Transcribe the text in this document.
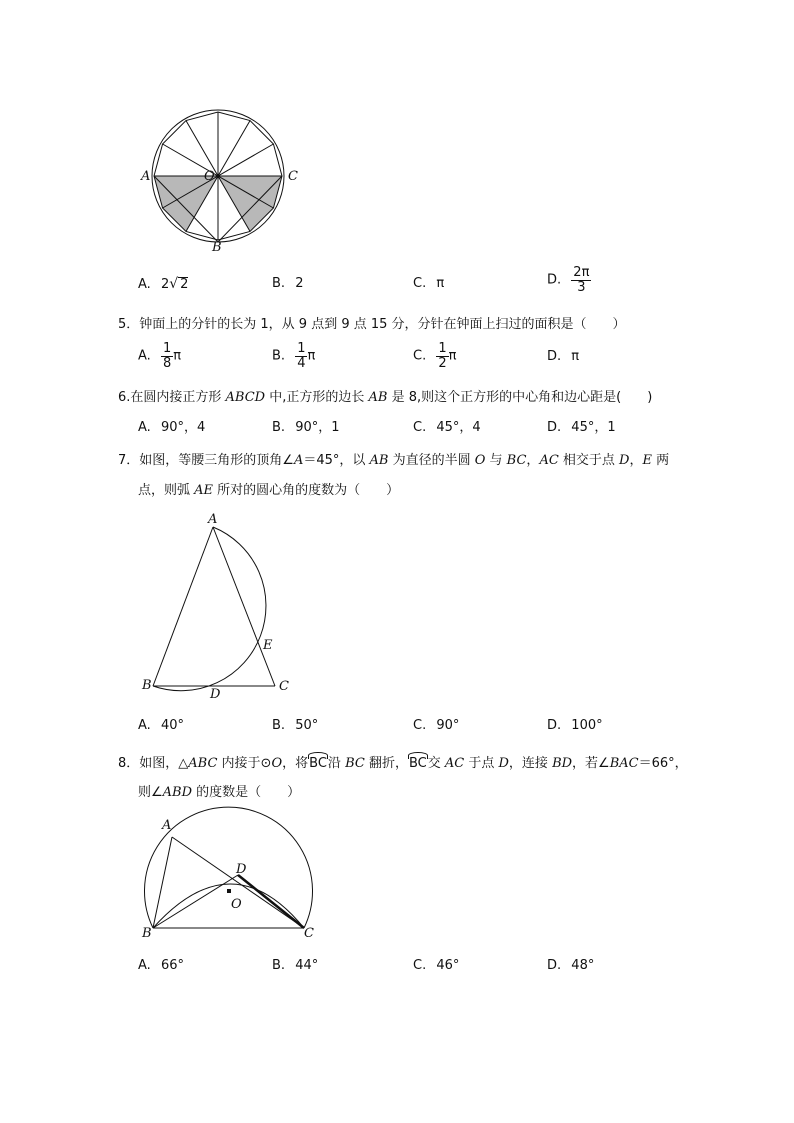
A	O	C
B
A. 2√ 2	B. 2	C. π	D. $\frac{2\pi}{3}$
5．钟面上的分针的长为 1，从 9 点到 9 点 15 分，分针在钟面上扫过的面积是（　　）
A. $\frac{1}{8}$ π	B. $\frac{1}{4}$ π	C. $\frac{1}{2}$ π	D. π
6.在圆内接正方形 ABCD 中,正方形的边长 AB 是 8,则这个正方形的中心角和边心距是(　　)
A. 90°，4	B. 90°，1	C. 45°，4	D. 45°，1
7．如图，等腰三角形的顶角∠A＝45°，以 AB 为直径的半圆 O 与 BC，AC 相交于点 D，E 两
点，则弧 AE 所对的圆心角的度数为（　　）
A
B	C
D
E
A. 40°	B. 50°	C. 90°	D. 100°
8．如图，△ABC 内接于⊙O，将BC沿 BC 翻折，BC交 AC 于点 D，连接 BD，若∠BAC＝66°，
则∠ABD 的度数是（　　）
A
D
O
B	C
A. 66°	B. 44°	C. 46°	D. 48°
